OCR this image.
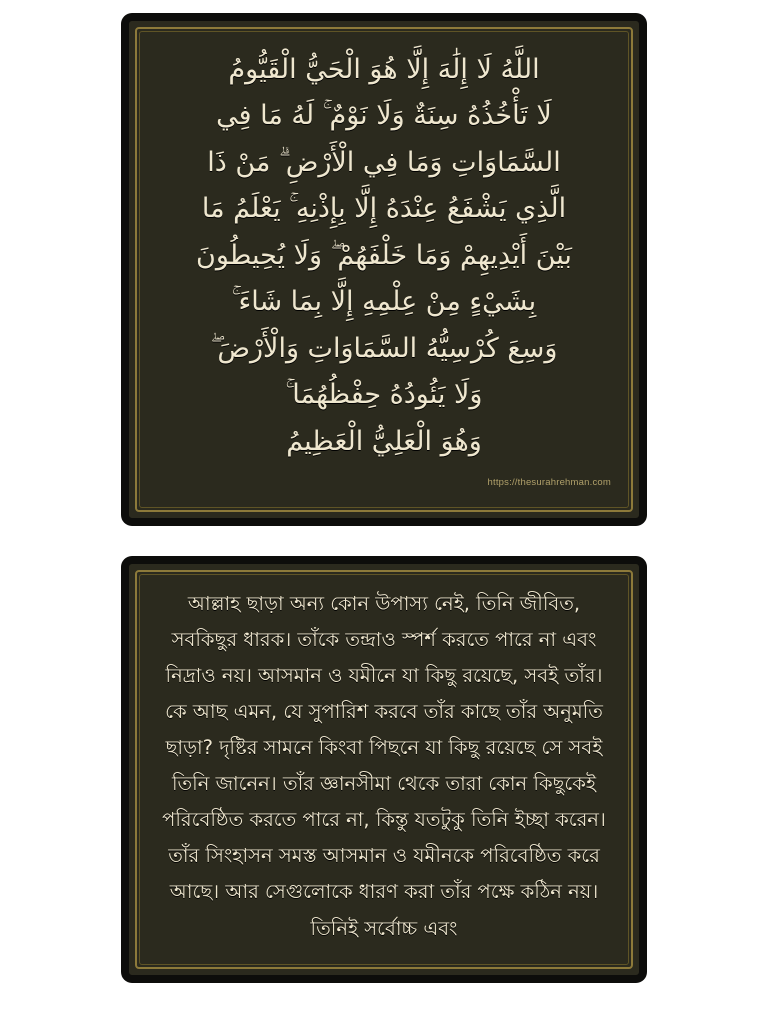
اللَّهُ لَا إِلَٰهَ إِلَّا هُوَ الْحَيُّ الْقَيُّومُ
لَا تَأْخُذُهُ سِنَةٌ وَلَا نَوْمٌ ۚ لَهُ مَا فِي
السَّمَاوَاتِ وَمَا فِي الْأَرْضِ ۗ مَنْ ذَا
الَّذِي يَشْفَعُ عِنْدَهُ إِلَّا بِإِذْنِهِ ۚ يَعْلَمُ مَا
بَيْنَ أَيْدِيهِمْ وَمَا خَلْفَهُمْ ۖ وَلَا يُحِيطُونَ
بِشَيْءٍ مِنْ عِلْمِهِ إِلَّا بِمَا شَاءَ ۚ
وَسِعَ كُرْسِيُّهُ السَّمَاوَاتِ وَالْأَرْضَ ۖ
وَلَا يَئُودُهُ حِفْظُهُمَا ۚ
وَهُوَ الْعَلِيُّ الْعَظِيمُ
https://thesurahrehman.com

আল্লাহ ছাড়া অন্য কোন উপাস্য নেই, তিনি জীবিত, সবকিছুর ধারক। তাঁকে তন্দ্রাও স্পর্শ করতে পারে না এবং নিদ্রাও নয়। আসমান ও যমীনে যা কিছু রয়েছে, সবই তাঁর। কে আছ এমন, যে সুপারিশ করবে তাঁর কাছে তাঁর অনুমতি ছাড়া? দৃষ্টির সামনে কিংবা পিছনে যা কিছু রয়েছে সে সবই তিনি জানেন। তাঁর জ্ঞানসীমা থেকে তারা কোন কিছুকেই পরিবেষ্ঠিত করতে পারে না, কিন্তু যতটুকু তিনি ইচ্ছা করেন। তাঁর সিংহাসন সমস্ত আসমান ও যমীনকে পরিবেষ্ঠিত করে আছে। আর সেগুলোকে ধারণ করা তাঁর পক্ষে কঠিন নয়। তিনিই সর্বোচ্চ এবং
